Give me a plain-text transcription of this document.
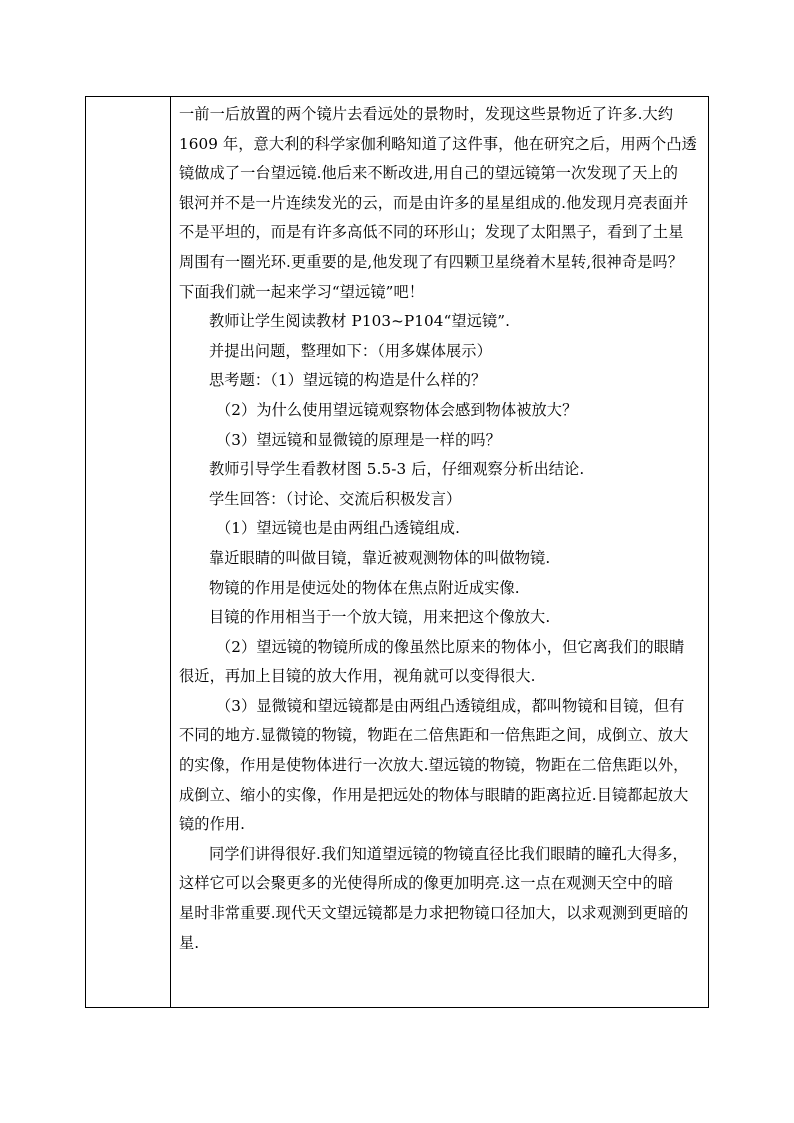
一前一后放置的两个镜片去看远处的景物时，发现这些景物近了许多.大约
1609 年，意大利的科学家伽利略知道了这件事，他在研究之后，用两个凸透
镜做成了一台望远镜.他后来不断改进,用自己的望远镜第一次发现了天上的
银河并不是一片连续发光的云，而是由许多的星星组成的.他发现月亮表面并
不是平坦的，而是有许多高低不同的环形山；发现了太阳黑子，看到了土星
周围有一圈光环.更重要的是,他发现了有四颗卫星绕着木星转,很神奇是吗？
下面我们就一起来学习“望远镜”吧！
教师让学生阅读教材 P103~P104“望远镜”.
并提出问题，整理如下：（用多媒体展示）
思考题：（1）望远镜的构造是什么样的？
（2）为什么使用望远镜观察物体会感到物体被放大？
（3）望远镜和显微镜的原理是一样的吗？
教师引导学生看教材图 5.5-3 后，仔细观察分析出结论.
学生回答：（讨论、交流后积极发言）
（1）望远镜也是由两组凸透镜组成.
靠近眼睛的叫做目镜，靠近被观测物体的叫做物镜.
物镜的作用是使远处的物体在焦点附近成实像.
目镜的作用相当于一个放大镜，用来把这个像放大.
（2）望远镜的物镜所成的像虽然比原来的物体小，但它离我们的眼睛
很近，再加上目镜的放大作用，视角就可以变得很大.
（3）显微镜和望远镜都是由两组凸透镜组成，都叫物镜和目镜，但有
不同的地方.显微镜的物镜，物距在二倍焦距和一倍焦距之间，成倒立、放大
的实像，作用是使物体进行一次放大.望远镜的物镜，物距在二倍焦距以外，
成倒立、缩小的实像，作用是把远处的物体与眼睛的距离拉近.目镜都起放大
镜的作用.
同学们讲得很好.我们知道望远镜的物镜直径比我们眼睛的瞳孔大得多，
这样它可以会聚更多的光使得所成的像更加明亮.这一点在观测天空中的暗
星时非常重要.现代天文望远镜都是力求把物镜口径加大，以求观测到更暗的
星.
